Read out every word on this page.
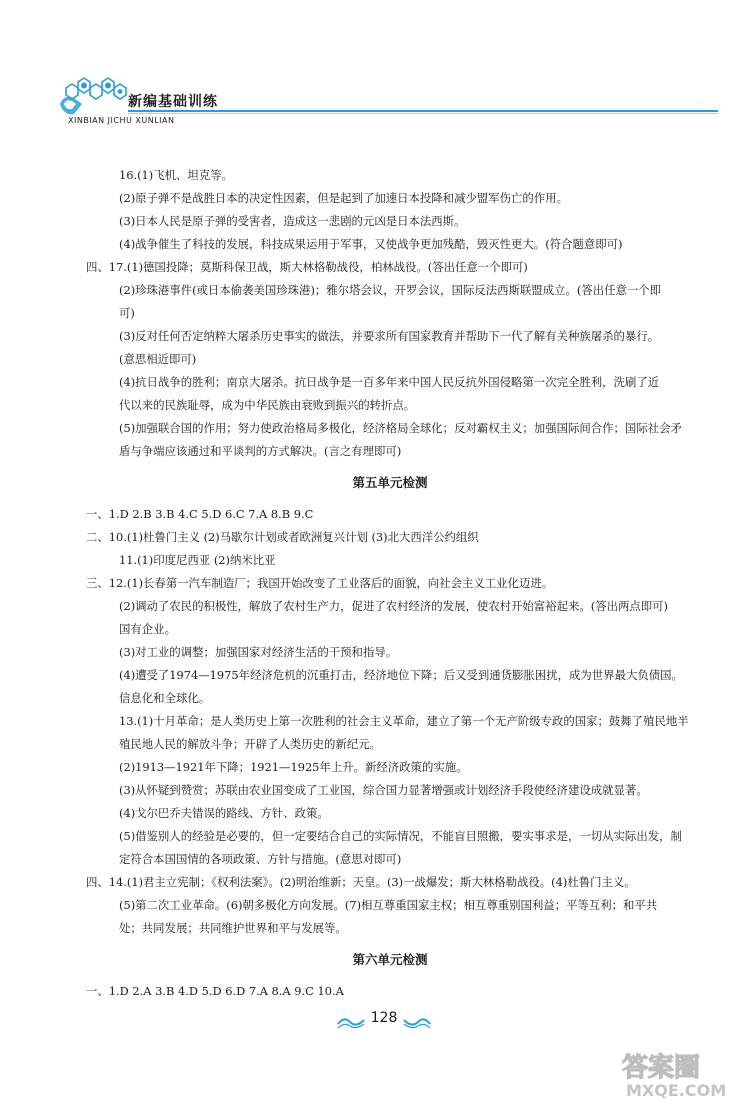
新编基础训练
XINBIAN JICHU XUNLIAN
16.(1)飞机、坦克等。
(2)原子弹不是战胜日本的决定性因素，但是起到了加速日本投降和减少盟军伤亡的作用。
(3)日本人民是原子弹的受害者，造成这一悲剧的元凶是日本法西斯。
(4)战争催生了科技的发展，科技成果运用于军事，又使战争更加残酷，毁灭性更大。(符合题意即可)
四、17.(1)德国投降；莫斯科保卫战，斯大林格勒战役，柏林战役。(答出任意一个即可)
(2)珍珠港事件(或日本偷袭美国珍珠港)；雅尔塔会议，开罗会议，国际反法西斯联盟成立。(答出任意一个即
可)
(3)反对任何否定纳粹大屠杀历史事实的做法，并要求所有国家教育并帮助下一代了解有关种族屠杀的暴行。
(意思相近即可)
(4)抗日战争的胜利；南京大屠杀。抗日战争是一百多年来中国人民反抗外国侵略第一次完全胜利，洗刷了近
代以来的民族耻辱，成为中华民族由衰败到振兴的转折点。
(5)加强联合国的作用；努力使政治格局多极化，经济格局全球化；反对霸权主义；加强国际间合作；国际社会矛
盾与争端应该通过和平谈判的方式解决。(言之有理即可)
第五单元检测
一、1.D 2.B 3.B 4.C 5.D 6.C 7.A 8.B 9.C
二、10.(1)杜鲁门主义 (2)马歇尔计划或者欧洲复兴计划 (3)北大西洋公约组织
11.(1)印度尼西亚 (2)纳米比亚
三、12.(1)长春第一汽车制造厂；我国开始改变了工业落后的面貌，向社会主义工业化迈进。
(2)调动了农民的积极性，解放了农村生产力，促进了农村经济的发展，使农村开始富裕起来。(答出两点即可)
国有企业。
(3)对工业的调整；加强国家对经济生活的干预和指导。
(4)遭受了1974—1975年经济危机的沉重打击，经济地位下降；后又受到通货膨胀困扰，成为世界最大负债国。
信息化和全球化。
13.(1)十月革命；是人类历史上第一次胜利的社会主义革命，建立了第一个无产阶级专政的国家；鼓舞了殖民地半
殖民地人民的解放斗争；开辟了人类历史的新纪元。
(2)1913—1921年下降；1921—1925年上升。新经济政策的实施。
(3)从怀疑到赞赏；苏联由农业国变成了工业国，综合国力显著增强或计划经济手段使经济建设成就显著。
(4)戈尔巴乔夫错误的路线、方针、政策。
(5)借鉴别人的经验是必要的，但一定要结合自己的实际情况，不能盲目照搬，要实事求是，一切从实际出发，制
定符合本国国情的各项政策、方针与措施。(意思对即可)
四、14.(1)君主立宪制；《权利法案》。(2)明治维新；天皇。(3)一战爆发；斯大林格勒战役。(4)杜鲁门主义。
(5)第二次工业革命。(6)朝多极化方向发展。(7)相互尊重国家主权；相互尊重别国利益；平等互利；和平共
处；共同发展；共同维护世界和平与发展等。
第六单元检测
一、1.D 2.A 3.B 4.D 5.D 6.D 7.A 8.A 9.C 10.A
128
答案圈
MXQE.COM
